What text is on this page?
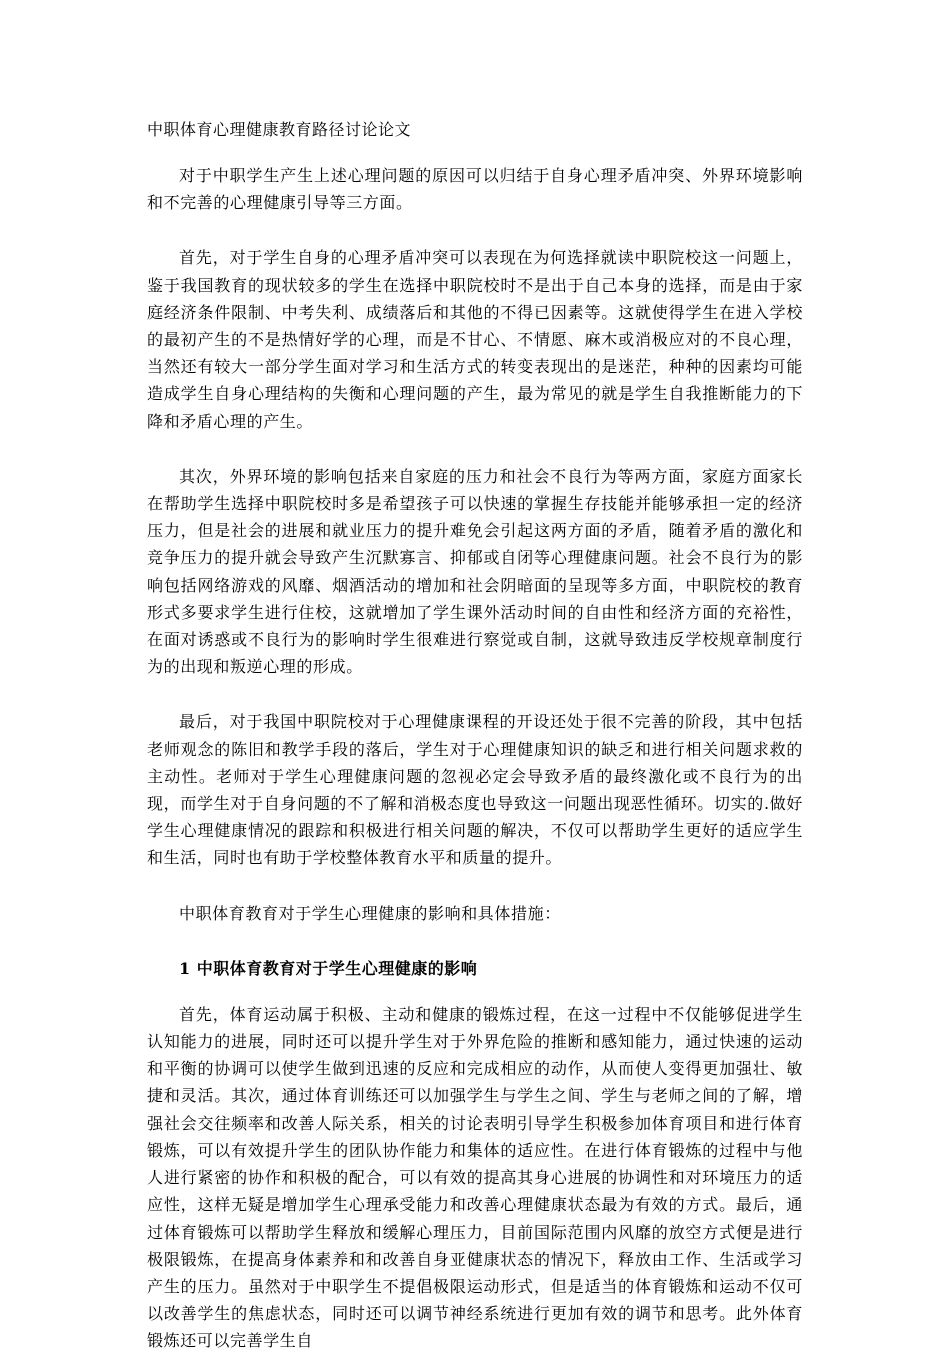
中职体育心理健康教育路径讨论论文

对于中职学生产生上述心理问题的原因可以归结于自身心理矛盾冲突、外界环境影响和不完善的心理健康引导等三方面。

首先，对于学生自身的心理矛盾冲突可以表现在为何选择就读中职院校这一问题上，鉴于我国教育的现状较多的学生在选择中职院校时不是出于自己本身的选择，而是由于家庭经济条件限制、中考失利、成绩落后和其他的不得已因素等。这就使得学生在进入学校的最初产生的不是热情好学的心理，而是不甘心、不情愿、麻木或消极应对的不良心理，当然还有较大一部分学生面对学习和生活方式的转变表现出的是迷茫，种种的因素均可能造成学生自身心理结构的失衡和心理问题的产生，最为常见的就是学生自我推断能力的下降和矛盾心理的产生。

其次，外界环境的影响包括来自家庭的压力和社会不良行为等两方面，家庭方面家长在帮助学生选择中职院校时多是希望孩子可以快速的掌握生存技能并能够承担一定的经济压力，但是社会的进展和就业压力的提升难免会引起这两方面的矛盾，随着矛盾的激化和竞争压力的提升就会导致产生沉默寡言、抑郁或自闭等心理健康问题。社会不良行为的影响包括网络游戏的风靡、烟酒活动的增加和社会阴暗面的呈现等多方面，中职院校的教育形式多要求学生进行住校，这就增加了学生课外活动时间的自由性和经济方面的充裕性，在面对诱惑或不良行为的影响时学生很难进行察觉或自制，这就导致违反学校规章制度行为的出现和叛逆心理的形成。

最后，对于我国中职院校对于心理健康课程的开设还处于很不完善的阶段，其中包括老师观念的陈旧和教学手段的落后，学生对于心理健康知识的缺乏和进行相关问题求救的主动性。老师对于学生心理健康问题的忽视必定会导致矛盾的最终激化或不良行为的出现，而学生对于自身问题的不了解和消极态度也导致这一问题出现恶性循环。切实的.做好学生心理健康情况的跟踪和积极进行相关问题的解决，不仅可以帮助学生更好的适应学生和生活，同时也有助于学校整体教育水平和质量的提升。

中职体育教育对于学生心理健康的影响和具体措施：

1 中职体育教育对于学生心理健康的影响

首先，体育运动属于积极、主动和健康的锻炼过程，在这一过程中不仅能够促进学生认知能力的进展，同时还可以提升学生对于外界危险的推断和感知能力，通过快速的运动和平衡的协调可以使学生做到迅速的反应和完成相应的动作，从而使人变得更加强壮、敏捷和灵活。其次，通过体育训练还可以加强学生与学生之间、学生与老师之间的了解，增强社会交往频率和改善人际关系，相关的讨论表明引导学生积极参加体育项目和进行体育锻炼，可以有效提升学生的团队协作能力和集体的适应性。在进行体育锻炼的过程中与他人进行紧密的协作和积极的配合，可以有效的提高其身心进展的协调性和对环境压力的适应性，这样无疑是增加学生心理承受能力和改善心理健康状态最为有效的方式。最后，通过体育锻炼可以帮助学生释放和缓解心理压力，目前国际范围内风靡的放空方式便是进行极限锻炼，在提高身体素养和和改善自身亚健康状态的情况下，释放由工作、生活或学习产生的压力。虽然对于中职学生不提倡极限运动形式，但是适当的体育锻炼和运动不仅可以改善学生的焦虑状态，同时还可以调节神经系统进行更加有效的调节和思考。此外体育锻炼还可以完善学生自
